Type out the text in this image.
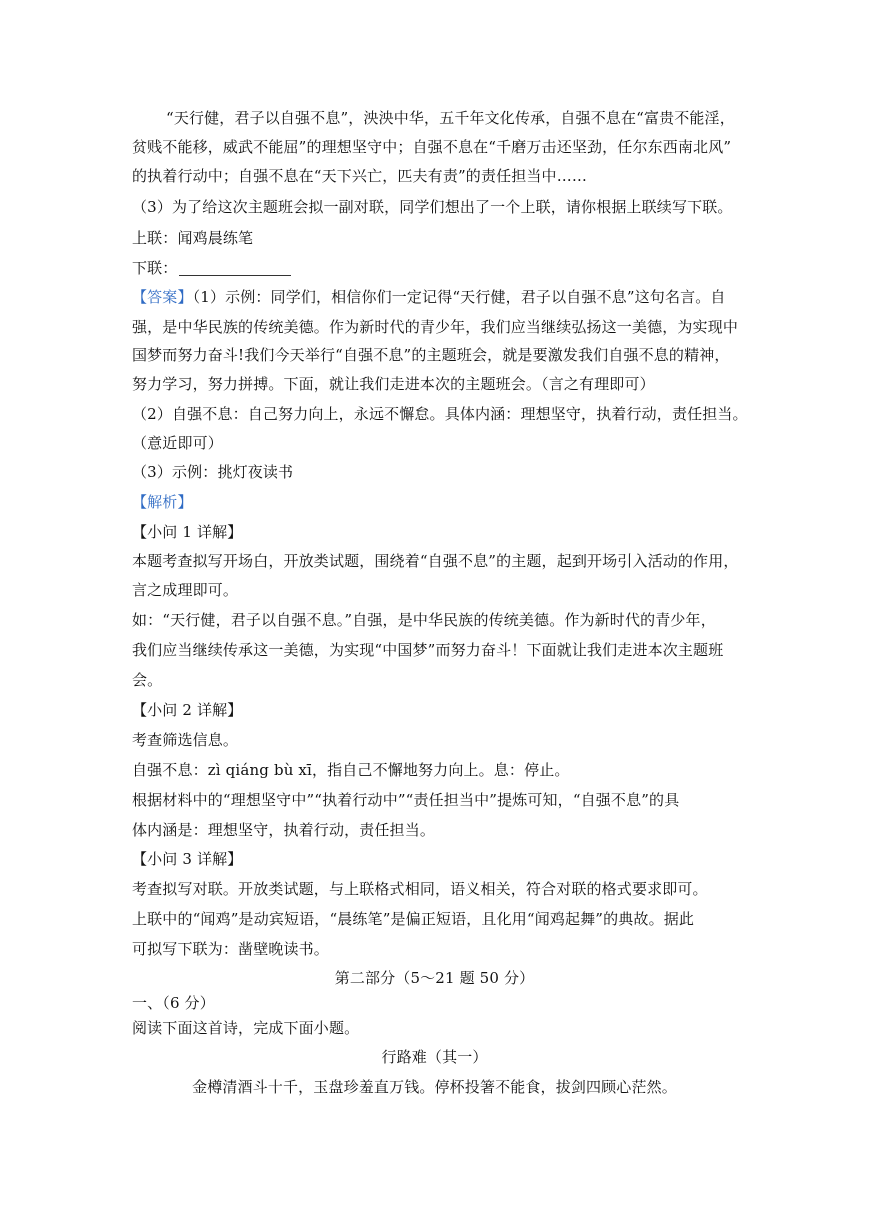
“天行健，君子以自强不息”，泱泱中华，五千年文化传承，自强不息在“富贵不能淫，
贫贱不能移，威武不能屈”的理想坚守中；自强不息在“千磨万击还坚劲，任尔东西南北风”
的执着行动中；自强不息在“天下兴亡，匹夫有责”的责任担当中……
（3）为了给这次主题班会拟一副对联，同学们想出了一个上联，请你根据上联续写下联。
上联：闻鸡晨练笔
下联：
【答案】（1）示例：同学们，相信你们一定记得“天行健，君子以自强不息”这句名言。自
强，是中华民族的传统美德。作为新时代的青少年，我们应当继续弘扬这一美德，为实现中
国梦而努力奋斗!我们今天举行“自强不息”的主题班会，就是要激发我们自强不息的精神，
努力学习，努力拼搏。下面，就让我们走进本次的主题班会。（言之有理即可）
（2）自强不息：自己努力向上，永远不懈怠。具体内涵：理想坚守，执着行动，责任担当。
（意近即可）
（3）示例：挑灯夜读书
【解析】
【小问 1 详解】
本题考查拟写开场白，开放类试题，围绕着“自强不息”的主题，起到开场引入活动的作用，
言之成理即可。
如：“天行健，君子以自强不息。”自强，是中华民族的传统美德。作为新时代的青少年，
我们应当继续传承这一美德，为实现“中国梦”而努力奋斗！下面就让我们走进本次主题班
会。
【小问 2 详解】
考查筛选信息。
自强不息：zì qiáng bù xī，指自己不懈地努力向上。息：停止。
根据材料中的“理想坚守中”“执着行动中”“责任担当中”提炼可知，“自强不息”的具
体内涵是：理想坚守，执着行动，责任担当。
【小问 3 详解】
考查拟写对联。开放类试题，与上联格式相同，语义相关，符合对联的格式要求即可。
上联中的“闻鸡”是动宾短语，“晨练笔”是偏正短语，且化用“闻鸡起舞”的典故。据此
可拟写下联为：凿壁晚读书。
第二部分（5～21 题 50 分）
一、（6 分）
阅读下面这首诗，完成下面小题。
行路难（其一）
金樽清酒斗十千，玉盘珍羞直万钱。停杯投箸不能食，拔剑四顾心茫然。
